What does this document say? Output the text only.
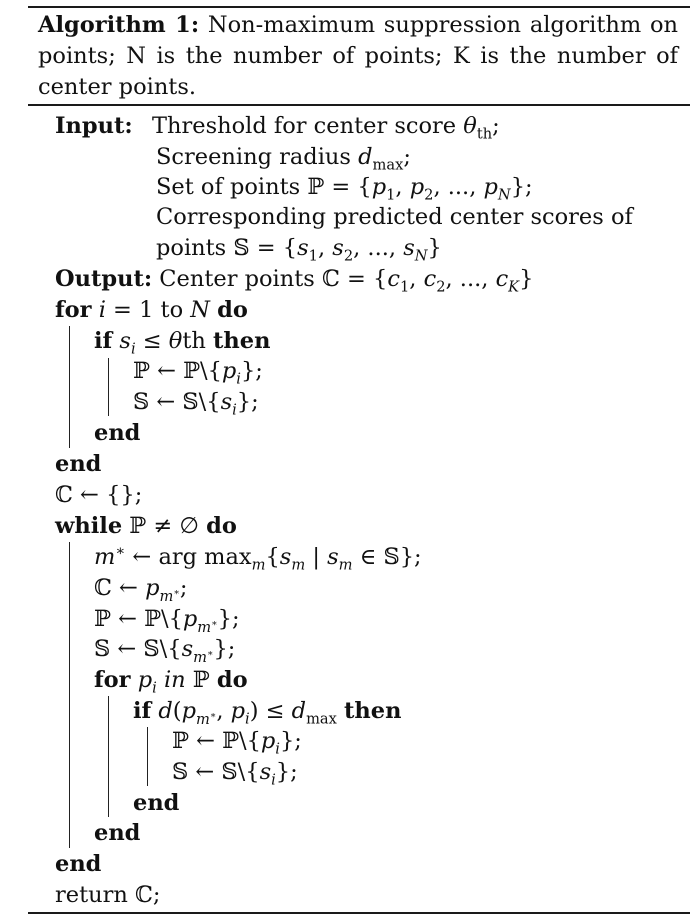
Algorithm 1: Non-maximum suppression algorithm on points; N is the number of points; K is the number of center points.
Input: Threshold for center score $\theta_{th}$;
Screening radius $d_{max}$;
Set of points ℙ = {$p_1$, $p_2$, ..., $p_N$};
Corresponding predicted center scores of
points 𝕊 = {$s_1$, $s_2$, ..., $s_N$}
Output: Center points ℂ = {$c_1$, $c_2$, ..., $c_K$}
for i = 1 to N do
if $s_i \le \theta th$ then
ℙ ← $ℙ\backslash\{p_i\}$;
𝕊 ← $𝕊\backslash\{s_i\}$;
end
end
ℂ ← {};
while ℙ ≠ ∅ do
m∗ ← arg $\max_m\{s_m$ | $s_m$ ∈ 𝕊};
ℂ ← $p_{m^∗}$;
ℙ ← $ℙ\backslash\{p_{m^∗}\}$;
𝕊 ← $𝕊\backslash\{s_{m^∗}\}$;
for $p_i$ in ℙ do
if $d(p_{m^∗}$, $p_i) \le d_{max}$ then
ℙ ← $ℙ\backslash\{p_i\}$;
𝕊 ← $𝕊\backslash\{s_i\}$;
end
end
end
return ℂ;
